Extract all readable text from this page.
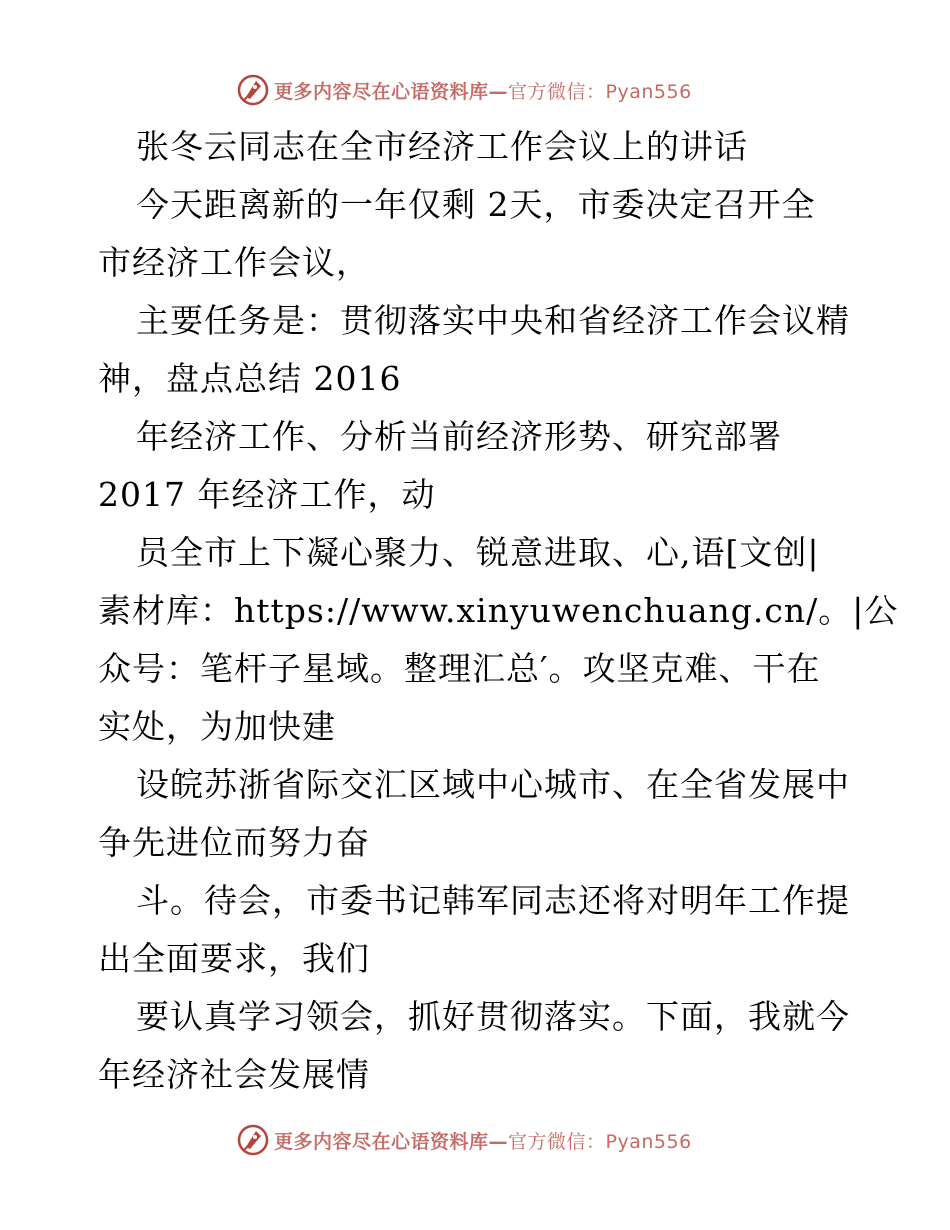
更多内容尽在心语资料库—官方微信：Pyan556
张冬云同志在全市经济工作会议上的讲话
今天距离新的一年仅剩 2天，市委决定召开全
市经济工作会议，
主要任务是：贯彻落实中央和省经济工作会议精
神，盘点总结 2016
年经济工作、分析当前经济形势、研究部署
2017 年经济工作，动
员全市上下凝心聚力、锐意进取、心,语[文创|
素材库：https://www.xinyuwenchuang.cn/。|公
众号：笔杆子星域。整理汇总′。攻坚克难、干在
实处，为加快建
设皖苏浙省际交汇区域中心城市、在全省发展中
争先进位而努力奋
斗。待会，市委书记韩军同志还将对明年工作提
出全面要求，我们
要认真学习领会，抓好贯彻落实。下面，我就今
年经济社会发展情
更多内容尽在心语资料库—官方微信：Pyan556
